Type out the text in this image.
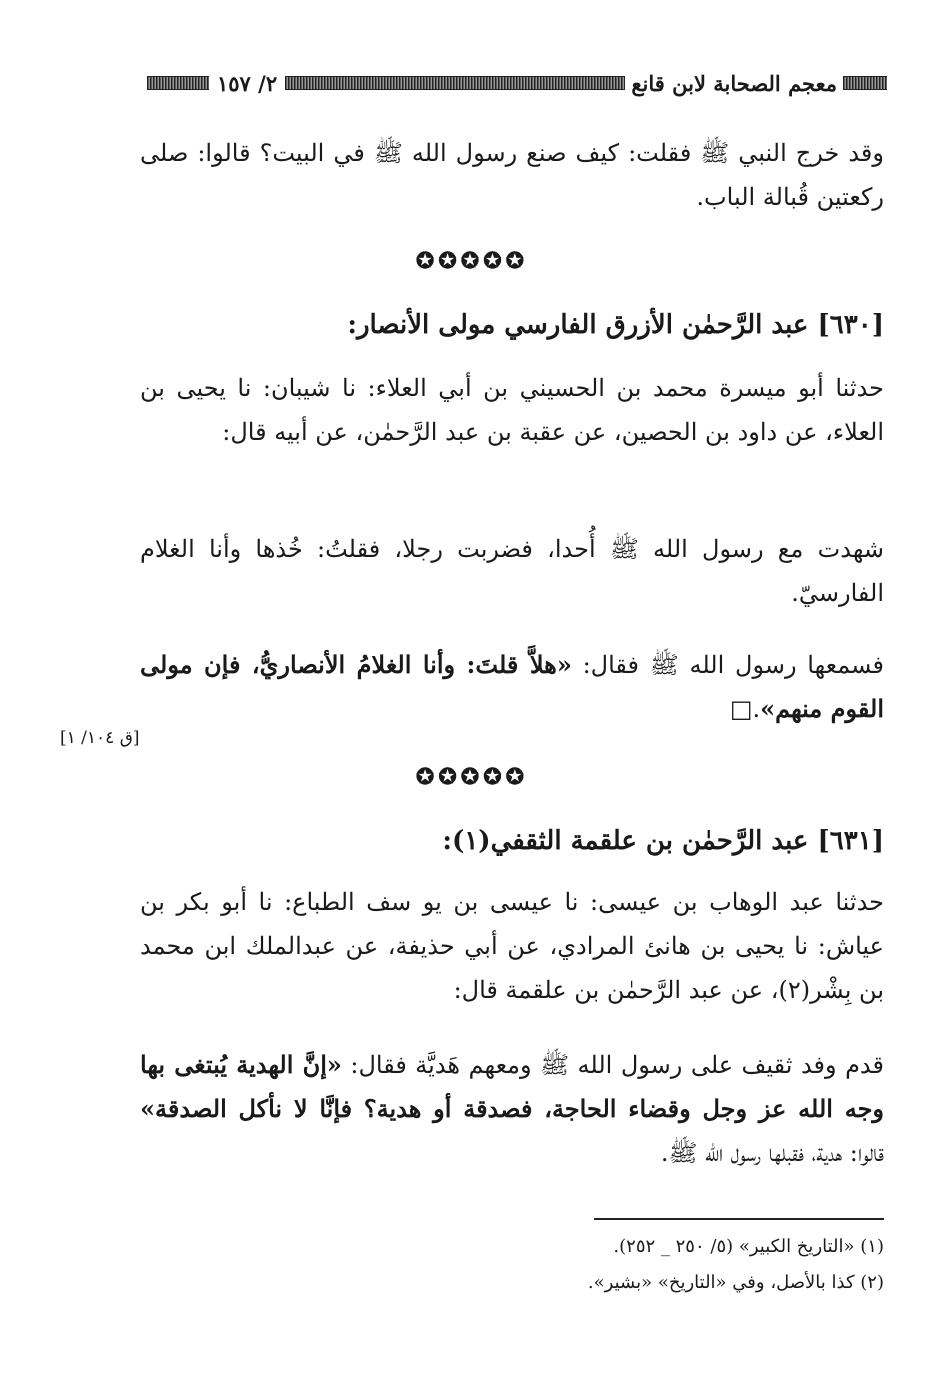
معجم الصحابة لابن قانع
٢/ ١٥٧

وقد خرج النبي ﷺ فقلت: كيف صنع رسول الله ﷺ في البيت؟ قالوا: صلى ركعتين قُبالة الباب.

✪✪✪✪✪
[٦٣٠] عبد الرَّحمٰن الأزرق الفارسي مولى الأنصار:

حدثنا أبو ميسرة محمد بن الحسيني بن أبي العلاء: نا شيبان: نا يحيى بن العلاء، عن داود بن الحصين، عن عقبة بن عبد الرَّحمٰن، عن أبيه قال:

شهدت مع رسول الله ﷺ أُحدا، فضربت رجلا، فقلتُ: خُذها وأنا الغلام الفارسيّ.

فسمعها رسول الله ﷺ فقال: «هلاَّ قلتَ: وأنا الغلامُ الأنصاريُّ، فإن مولى القوم منهم».□

[ق ١٠٤/ ١]
✪✪✪✪✪
[٦٣١] عبد الرَّحمٰن بن علقمة الثقفي(١):

حدثنا عبد الوهاب بن عيسى: نا عيسى بن يو سف الطباع: نا أبو بكر بن عياش: نا يحيى بن هانئ المرادي، عن أبي حذيفة، عن عبدالملك ابن محمد بن بِشْر(٢)، عن عبد الرَّحمٰن بن علقمة قال:

قدم وفد ثقيف على رسول الله ﷺ ومعهم هَديَّة فقال: «إنَّ الهدية يُبتغى بها وجه الله عز وجل وقضاء الحاجة، فصدقة أو هدية؟ فإنَّا لا نأكل الصدقة» قالوا: هدية، فقبلها رسول الله ﷺ.

(١) «التاريخ الكبير» (٥/ ٢٥٠ _ ٢٥٢).

(٢) كذا بالأصل، وفي «التاريخ» «بشير».
